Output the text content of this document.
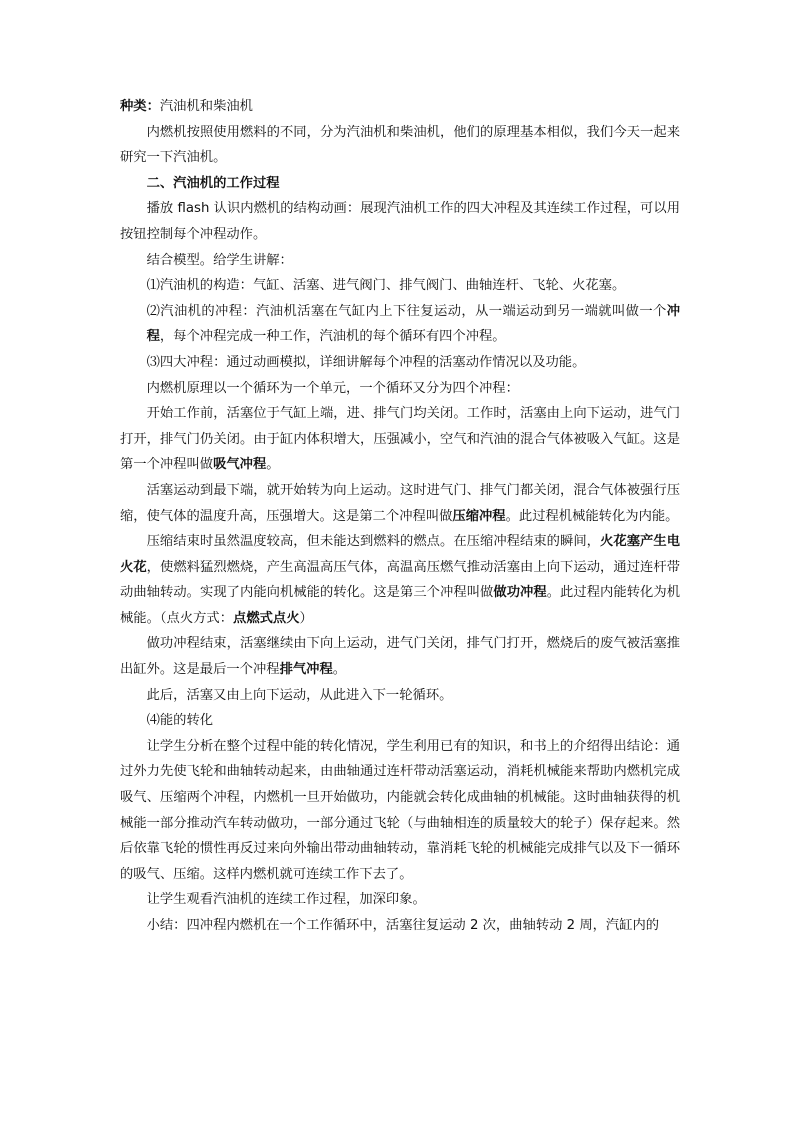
种类：汽油机和柴油机

内燃机按照使用燃料的不同，分为汽油机和柴油机，他们的原理基本相似，我们今天一起来研究一下汽油机。

二、汽油机的工作过程

播放 flash 认识内燃机的结构动画：展现汽油机工作的四大冲程及其连续工作过程，可以用按钮控制每个冲程动作。

结合模型。给学生讲解：

⑴汽油机的构造：气缸、活塞、进气阀门、排气阀门、曲轴连杆、飞轮、火花塞。

⑵汽油机的冲程：汽油机活塞在气缸内上下往复运动，从一端运动到另一端就叫做一个冲程，每个冲程完成一种工作，汽油机的每个循环有四个冲程。

⑶四大冲程：通过动画模拟，详细讲解每个冲程的活塞动作情况以及功能。

内燃机原理以一个循环为一个单元，一个循环又分为四个冲程：

开始工作前，活塞位于气缸上端，进、排气门均关闭。工作时，活塞由上向下运动，进气门打开，排气门仍关闭。由于缸内体积增大，压强减小，空气和汽油的混合气体被吸入气缸。这是第一个冲程叫做吸气冲程。

活塞运动到最下端，就开始转为向上运动。这时进气门、排气门都关闭，混合气体被强行压缩，使气体的温度升高，压强增大。这是第二个冲程叫做压缩冲程。此过程机械能转化为内能。

压缩结束时虽然温度较高，但未能达到燃料的燃点。在压缩冲程结束的瞬间，火花塞产生电火花，使燃料猛烈燃烧，产生高温高压气体，高温高压燃气推动活塞由上向下运动，通过连杆带动曲轴转动。实现了内能向机械能的转化。这是第三个冲程叫做做功冲程。此过程内能转化为机械能。（点火方式：点燃式点火）

做功冲程结束，活塞继续由下向上运动，进气门关闭，排气门打开，燃烧后的废气被活塞推出缸外。这是最后一个冲程排气冲程。

此后，活塞又由上向下运动，从此进入下一轮循环。

⑷能的转化

让学生分析在整个过程中能的转化情况，学生利用已有的知识，和书上的介绍得出结论：通过外力先使飞轮和曲轴转动起来，由曲轴通过连杆带动活塞运动，消耗机械能来帮助内燃机完成吸气、压缩两个冲程，内燃机一旦开始做功，内能就会转化成曲轴的机械能。这时曲轴获得的机械能一部分推动汽车转动做功，一部分通过飞轮（与曲轴相连的质量较大的轮子）保存起来。然后依靠飞轮的惯性再反过来向外输出带动曲轴转动，靠消耗飞轮的机械能完成排气以及下一循环的吸气、压缩。这样内燃机就可连续工作下去了。

让学生观看汽油机的连续工作过程，加深印象。

小结：四冲程内燃机在一个工作循环中，活塞往复运动 2 次，曲轴转动 2 周，汽缸内的
